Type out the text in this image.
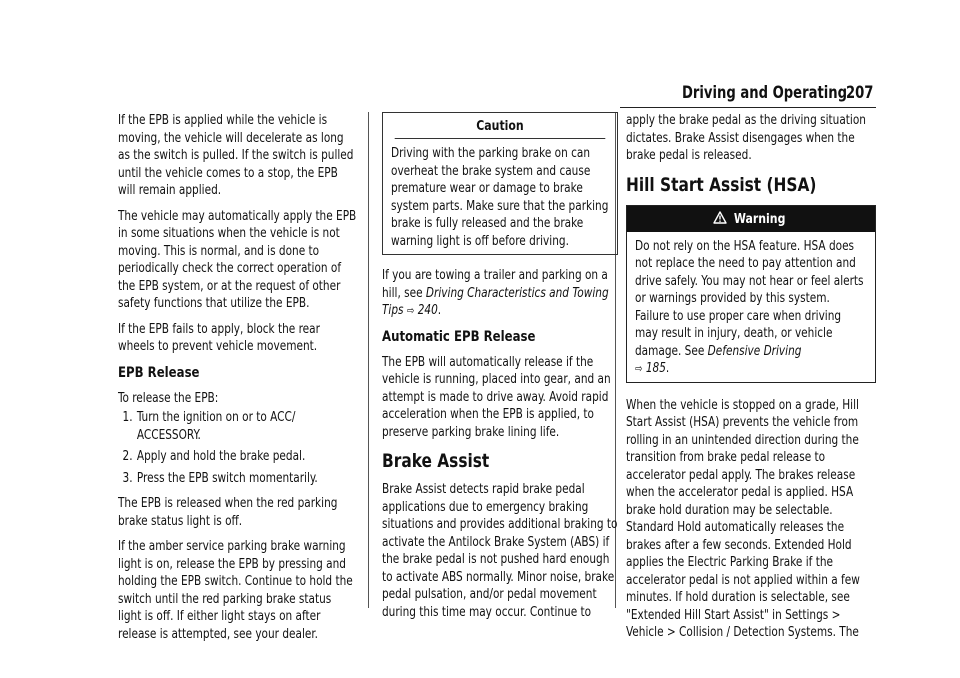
Driving and Operating
207

If the EPB is applied while the vehicle is moving, the vehicle will decelerate as long as the switch is pulled. If the switch is pulled until the vehicle comes to a stop, the EPB will remain applied.

The vehicle may automatically apply the EPB in some situations when the vehicle is not moving. This is normal, and is done to periodically check the correct operation of the EPB system, or at the request of other safety functions that utilize the EPB.

If the EPB fails to apply, block the rear wheels to prevent vehicle movement.

EPB Release

To release the EPB:

1. Turn the ignition on or to ACC/ ACCESSORY.
2. Apply and hold the brake pedal.
3. Press the EPB switch momentarily.

The EPB is released when the red parking brake status light is off.

If the amber service parking brake warning light is on, release the EPB by pressing and holding the EPB switch. Continue to hold the switch until the red parking brake status light is off. If either light stays on after release is attempted, see your dealer.

Caution

Driving with the parking brake on can overheat the brake system and cause premature wear or damage to brake system parts. Make sure that the parking brake is fully released and the brake warning light is off before driving.

If you are towing a trailer and parking on a hill, see Driving Characteristics and Towing Tips ⇨ 240.

Automatic EPB Release

The EPB will automatically release if the vehicle is running, placed into gear, and an attempt is made to drive away. Avoid rapid acceleration when the EPB is applied, to preserve parking brake lining life.

Brake Assist

Brake Assist detects rapid brake pedal applications due to emergency braking situations and provides additional braking to activate the Antilock Brake System (ABS) if the brake pedal is not pushed hard enough to activate ABS normally. Minor noise, brake pedal pulsation, and/or pedal movement during this time may occur. Continue to

apply the brake pedal as the driving situation dictates. Brake Assist disengages when the brake pedal is released.

Hill Start Assist (HSA)
Warning

Do not rely on the HSA feature. HSA does not replace the need to pay attention and drive safely. You may not hear or feel alerts or warnings provided by this system. Failure to use proper care when driving may result in injury, death, or vehicle damage. See Defensive Driving
⇨ 185.

When the vehicle is stopped on a grade, Hill Start Assist (HSA) prevents the vehicle from rolling in an unintended direction during the transition from brake pedal release to accelerator pedal apply. The brakes release when the accelerator pedal is applied. HSA brake hold duration may be selectable. Standard Hold automatically releases the brakes after a few seconds. Extended Hold applies the Electric Parking Brake if the accelerator pedal is not applied within a few minutes. If hold duration is selectable, see "Extended Hill Start Assist" in Settings > Vehicle > Collision / Detection Systems. The
